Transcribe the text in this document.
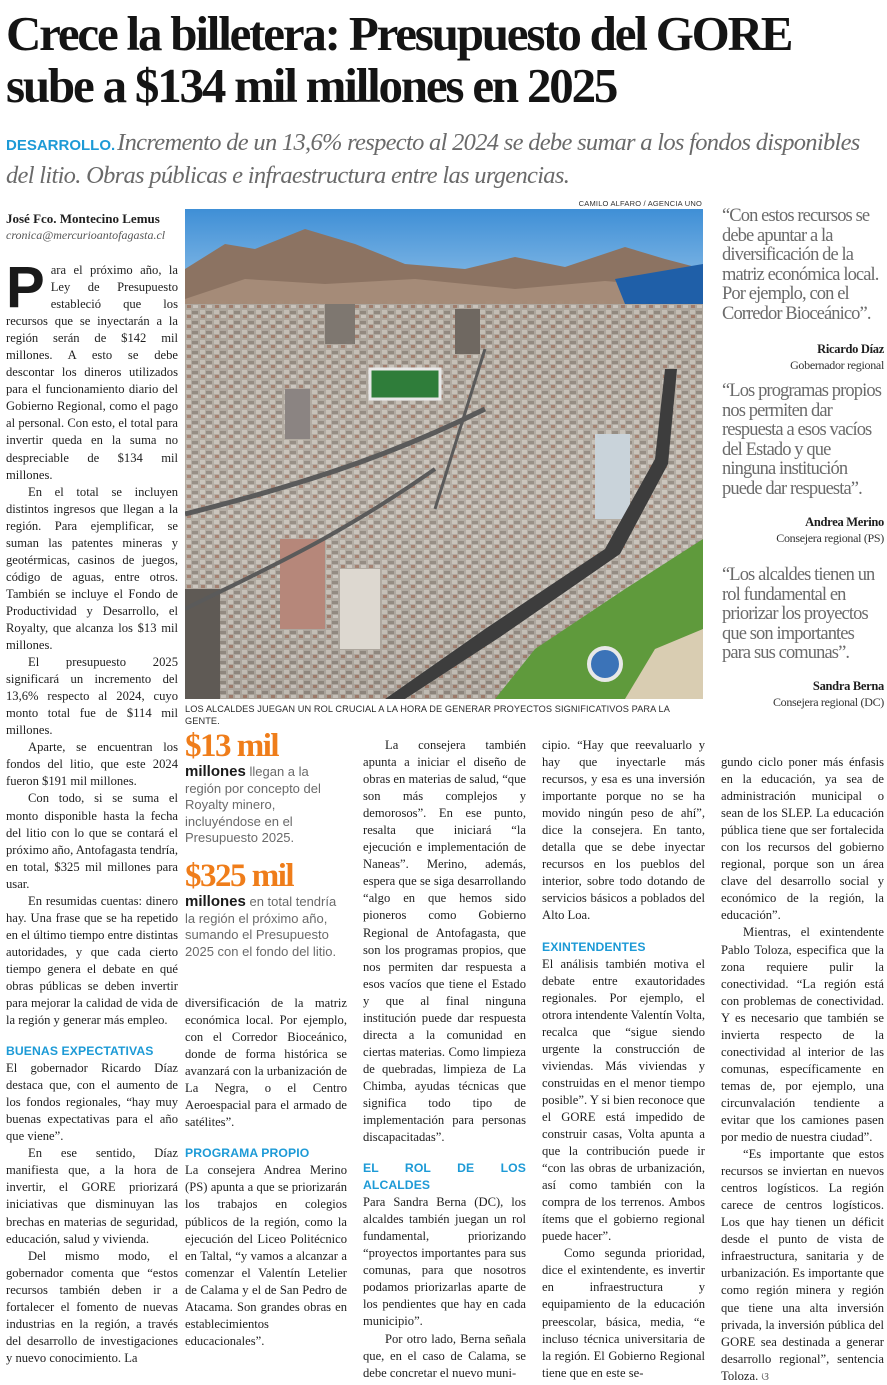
Crece la billetera: Presupuesto del GORE sube a $134 mil millones en 2025

DESARROLLO.Incremento de un 13,6% respecto al 2024 se debe sumar a los fondos disponibles del litio. Obras públicas e infraestructura entre las urgencias.

José Fco. Montecino Lemus
cronica@mercurioantofagasta.cl

Para el próximo año, la Ley de Presupuesto estableció que los recursos que se inyectarán a la región serán de $142 mil millones. A esto se debe descontar los dineros utilizados para el funcionamiento diario del Gobierno Regional, como el pago al personal. Con esto, el total para invertir queda en la suma no despreciable de $134 mil millones.

En el total se incluyen distintos ingresos que llegan a la región. Para ejemplificar, se suman las patentes mineras y geotérmicas, casinos de juegos, código de aguas, entre otros. También se incluye el Fondo de Productividad y Desarrollo, el Royalty, que alcanza los $13 mil millones.

El presupuesto 2025 significará un incremento del 13,6% respecto al 2024, cuyo monto total fue de $114 mil millones.

Aparte, se encuentran los fondos del litio, que este 2024 fueron $191 mil millones.

Con todo, si se suma el monto disponible hasta la fecha del litio con lo que se contará el próximo año, Antofagasta tendría, en total, $325 mil millones para usar.

En resumidas cuentas: dinero hay. Una frase que se ha repetido en el último tiempo entre distintas autoridades, y que cada cierto tiempo genera el debate en qué obras públicas se deben invertir para mejorar la calidad de vida de la región y generar más empleo.

BUENAS EXPECTATIVAS

El gobernador Ricardo Díaz destaca que, con el aumento de los fondos regionales, “hay muy buenas expectativas para el año que viene”.

En ese sentido, Díaz manifiesta que, a la hora de invertir, el GORE priorizará iniciativas que disminuyan las brechas en materias de seguridad, educación, salud y vivienda.

Del mismo modo, el gobernador comenta que “estos recursos también deben ir a fortalecer el fomento de nuevas industrias en la región, a través del desarrollo de investigaciones y nuevo conocimiento. La

CAMILO ALFARO / AGENCIA UNO
LOS ALCALDES JUEGAN UN ROL CRUCIAL A LA HORA DE GENERAR PROYECTOS SIGNIFICATIVOS PARA LA GENTE.

“Con estos recursos se debe apuntar a la diversificación de la matriz económica local. Por ejemplo, con el Corredor Bioceánico”.

Ricardo Díaz
Gobernador regional

“Los programas propios nos permiten dar respuesta a esos vacíos del Estado y que ninguna institución puede dar respuesta”.

Andrea Merino
Consejera regional (PS)

“Los alcaldes tienen un rol fundamental en priorizar los proyectos que son importantes para sus comunas”.

Sandra Berna
Consejera regional (DC)
$13 mil
millones llegan a la región por concepto del Royalty minero, incluyéndose en el Presupuesto 2025.
$325 mil
millones en total tendría la región el próximo año, sumando el Presupuesto 2025 con el fondo del litio.

diversificación de la matriz económica local. Por ejemplo, con el Corredor Bioceánico, donde de forma histórica se avanzará con la urbanización de La Negra, o el Centro Aeroespacial para el armado de satélites”.

PROGRAMA PROPIO

La consejera Andrea Merino (PS) apunta a que se priorizarán los trabajos en colegios públicos de la región, como la ejecución del Liceo Politécnico en Taltal, “y vamos a alcanzar a comenzar el Valentín Letelier de Calama y el de San Pedro de Atacama. Son grandes obras en establecimientos educacionales”.

La consejera también apunta a iniciar el diseño de obras en materias de salud, “que son más complejos y demorosos”. En ese punto, resalta que iniciará “la ejecución e implementación de Naneas”. Merino, además, espera que se siga desarrollando “algo en que hemos sido pioneros como Gobierno Regional de Antofagasta, que son los programas propios, que nos permiten dar respuesta a esos vacíos que tiene el Estado y que al final ninguna institución puede dar respuesta directa a la comunidad en ciertas materias. Como limpieza de quebradas, limpieza de La Chimba, ayudas técnicas que significa todo tipo de implementación para personas discapacitadas”.

EL ROL DE LOS ALCALDES

Para Sandra Berna (DC), los alcaldes también juegan un rol fundamental, priorizando “proyectos importantes para sus comunas, para que nosotros podamos priorizarlas aparte de los pendientes que hay en cada municipio”.

Por otro lado, Berna señala que, en el caso de Calama, se debe concretar el nuevo muni-

cipio. “Hay que reevaluarlo y hay que inyectarle más recursos, y esa es una inversión importante porque no se ha movido ningún peso de ahí”, dice la consejera. En tanto, detalla que se debe inyectar recursos en los pueblos del interior, sobre todo dotando de servicios básicos a poblados del Alto Loa.

EXINTENDENTES

El análisis también motiva el debate entre exautoridades regionales. Por ejemplo, el otrora intendente Valentín Volta, recalca que “sigue siendo urgente la construcción de viviendas. Más viviendas y construidas en el menor tiempo posible”. Y si bien reconoce que el GORE está impedido de construir casas, Volta apunta a que la contribución puede ir “con las obras de urbanización, así como también con la compra de los terrenos. Ambos ítems que el gobierno regional puede hacer”.

Como segunda prioridad, dice el exintendente, es invertir en infraestructura y equipamiento de la educación preescolar, básica, media, “e incluso técnica universitaria de la región. El Gobierno Regional tiene que en este se-

gundo ciclo poner más énfasis en la educación, ya sea de administración municipal o sean de los SLEP. La educación pública tiene que ser fortalecida con los recursos del gobierno regional, porque son un área clave del desarrollo social y económico de la región, la educación”.

Mientras, el exintendente Pablo Toloza, especifica que la zona requiere pulir la conectividad. “La región está con problemas de conectividad. Y es necesario que también se invierta respecto de la conectividad al interior de las comunas, específicamente en temas de, por ejemplo, una circunvalación tendiente a evitar que los camiones pasen por medio de nuestra ciudad”.

“Es importante que estos recursos se inviertan en nuevos centros logísticos. La región carece de centros logísticos. Los que hay tienen un déficit desde el punto de vista de infraestructura, sanitaria y de urbanización. Es importante que como región minera y región que tiene una alta inversión privada, la inversión pública del GORE sea destinada a generar desarrollo regional”, sentencia Toloza. ଓ
